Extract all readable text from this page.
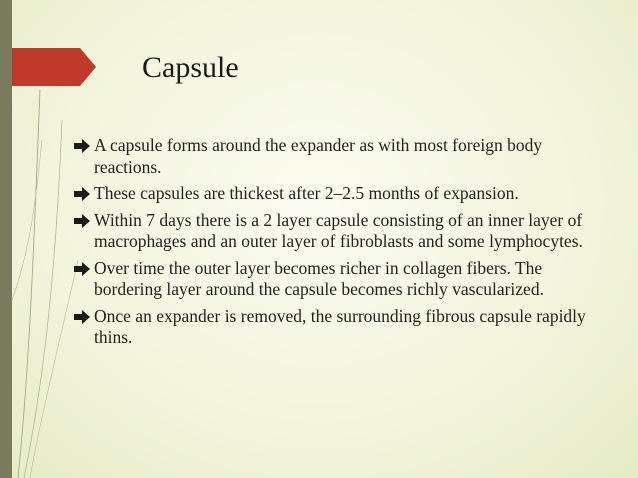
Capsule
A capsule forms around the expander as with most foreign body reactions.
These capsules are thickest after 2–2.5 months of expansion.
Within 7 days there is a 2 layer capsule consisting of an inner layer of macrophages and an outer layer of fibroblasts and some lymphocytes.
Over time the outer layer becomes richer in collagen fibers. The bordering layer around the capsule becomes richly vascularized.
Once an expander is removed, the surrounding fibrous capsule rapidly thins.
